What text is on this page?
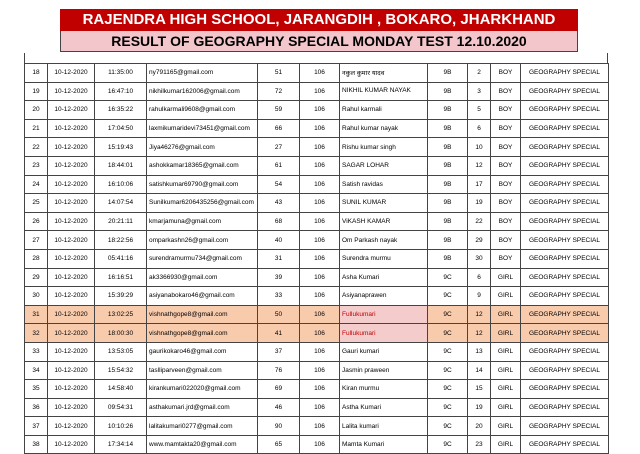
RAJENDRA HIGH SCHOOL, JARANGDIH , BOKARO, JHARKHAND
RESULT OF GEOGRAPHY SPECIAL MONDAY TEST 12.10.2020
18	10-12-2020	11:35:00	ny791165@gmail.com	51	106	नकुल कुमार यादव	9B	2	BOY	GEOGRAPHY SPECIAL
19	10-12-2020	16:47:10	nikhilkumar162006@gmail.com	72	106	NIKHIL KUMAR NAYAK	9B	3	BOY	GEOGRAPHY SPECIAL
20	10-12-2020	16:35:22	rahulkarmali9608@gmail.com	59	106	Rahul karmali	9B	5	BOY	GEOGRAPHY SPECIAL
21	10-12-2020	17:04:50	laxmikumaridevi73451@gmail.com	66	106	Rahul kumar nayak	9B	6	BOY	GEOGRAPHY SPECIAL
22	10-12-2020	15:19:43	Jiya46276@gmail.com	27	106	Rishu kumar singh	9B	10	BOY	GEOGRAPHY SPECIAL
23	10-12-2020	18:44:01	ashokkamar18365@gmail.com	61	106	SAGAR LOHAR	9B	12	BOY	GEOGRAPHY SPECIAL
24	10-12-2020	16:10:06	satishkumar69790@gmail.com	54	106	Satish ravidas	9B	17	BOY	GEOGRAPHY SPECIAL
25	10-12-2020	14:07:54	Sunilkumar6206435256@gmail.com	43	106	SUNIL KUMAR	9B	19	BOY	GEOGRAPHY SPECIAL
26	10-12-2020	20:21:11	kmarjamuna@gmail.com	68	106	ViKASH KAMAR	9B	22	BOY	GEOGRAPHY SPECIAL
27	10-12-2020	18:22:56	omparkashn26@gmail.com	40	106	Om Parkash nayak	9B	29	BOY	GEOGRAPHY SPECIAL
28	10-12-2020	05:41:16	surendramurmu734@gmail.com	31	106	Surendra murmu	9B	30	BOY	GEOGRAPHY SPECIAL
29	10-12-2020	16:16:51	ak3366930@gmail.com	39	106	Asha Kumari	9C	6	GIRL	GEOGRAPHY SPECIAL
30	10-12-2020	15:39:29	asiyanabokaro46@gmail.com	33	106	Asiyanaprawen	9C	9	GIRL	GEOGRAPHY SPECIAL
31	10-12-2020	13:02:25	vishnathgope8@gmail.com	50	106	Fullukumari	9C	12	GIRL	GEOGRAPHY SPECIAL
32	10-12-2020	18:00:30	vishnathgope8@gmail.com	41	106	Fullukumari	9C	12	GIRL	GEOGRAPHY SPECIAL
33	10-12-2020	13:53:05	gaurikokaro46@gmail.com	37	106	Gauri kumari	9C	13	GIRL	GEOGRAPHY SPECIAL
34	10-12-2020	15:54:32	taslliparveen@gmail.com	76	106	Jasmin praween	9C	14	GIRL	GEOGRAPHY SPECIAL
35	10-12-2020	14:58:40	kirankumari022020@gmail.com	69	106	Kiran murmu	9C	15	GIRL	GEOGRAPHY SPECIAL
36	10-12-2020	09:54:31	asthakumari.jrd@gmail.com	46	106	Astha Kumari	9C	19	GIRL	GEOGRAPHY SPECIAL
37	10-12-2020	10:10:26	lalitakumari0277@gmail.com	90	106	Lalita kumari	9C	20	GIRL	GEOGRAPHY SPECIAL
38	10-12-2020	17:34:14	www.mamtakta20@gmail.com	65	106	Mamta Kumari	9C	23	GIRL	GEOGRAPHY SPECIAL
